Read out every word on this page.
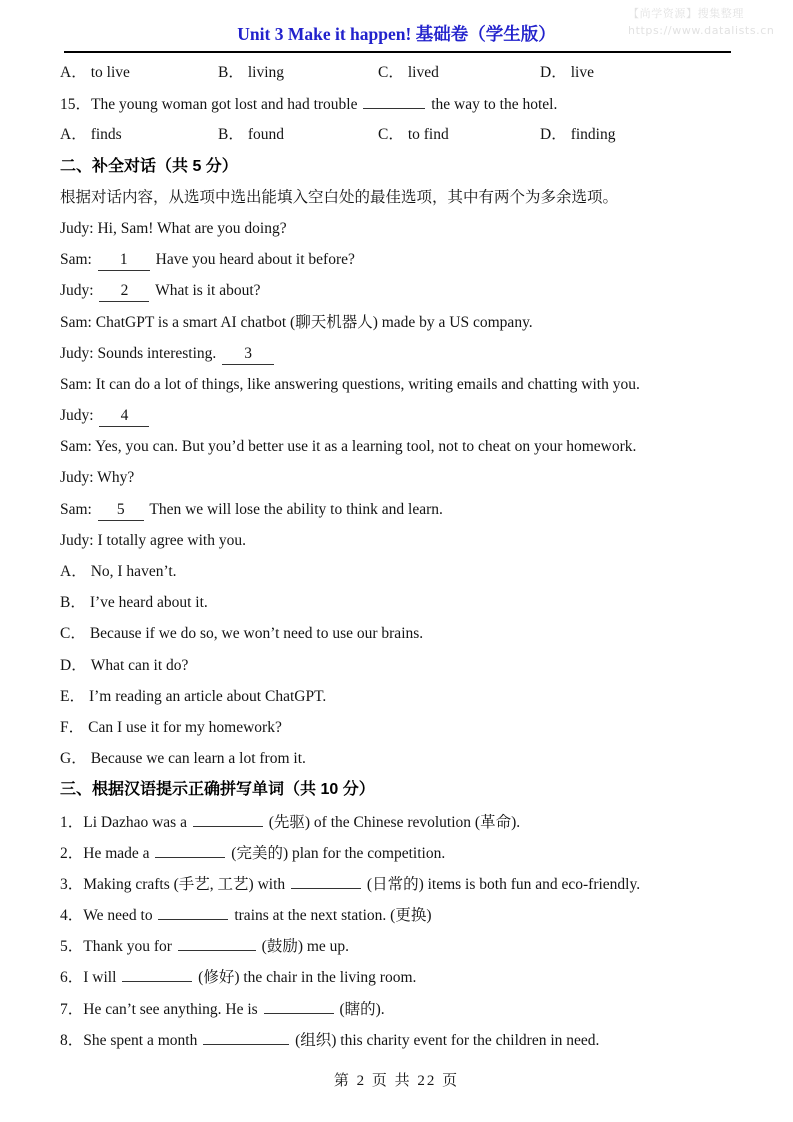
【尚学资源】搜集整理
https://www.datalists.cn
Unit 3 Make it happen! 基础卷（学生版）
A． to live	B． living	C． lived	D． live

15．The young woman got lost and had trouble	the way to the hotel.

A． finds	B． found	C． to find	D． finding
二、补全对话（共 5 分）

根据对话内容，从选项中选出能填入空白处的最佳选项，其中有两个为多余选项。

Judy: Hi, Sam! What are you doing?

Sam: 1 Have you heard about it before?

Judy: 2 What is it about?

Sam: ChatGPT is a smart AI chatbot (聊天机器人) made by a US company.

Judy: Sounds interesting. 3

Sam: It can do a lot of things, like answering questions, writing emails and chatting with you.

Judy: 4

Sam: Yes, you can. But you’d better use it as a learning tool, not to cheat on your homework.

Judy: Why?

Sam: 5 Then we will lose the ability to think and learn.

Judy: I totally agree with you.

A． No, I haven’t.

B． I’ve heard about it.

C． Because if we do so, we won’t need to use our brains.

D． What can it do?

E． I’m reading an article about ChatGPT.

F． Can I use it for my homework?

G． Because we can learn a lot from it.

三、根据汉语提示正确拼写单词（共 10 分）

1．Li Dazhao was a	(先驱) of the Chinese revolution (革命).

2．He made a	(完美的) plan for the competition.

3．Making crafts (手艺, 工艺) with	(日常的) items is both fun and eco-friendly.

4．We need to	trains at the next station. (更换)

5．Thank you for	(鼓励) me up.

6．I will	(修好) the chair in the living room.

7．He can’t see anything. He is	(瞎的).

8．She spent a month	(组织) this charity event for the children in need.

第 2 页 共 22 页
